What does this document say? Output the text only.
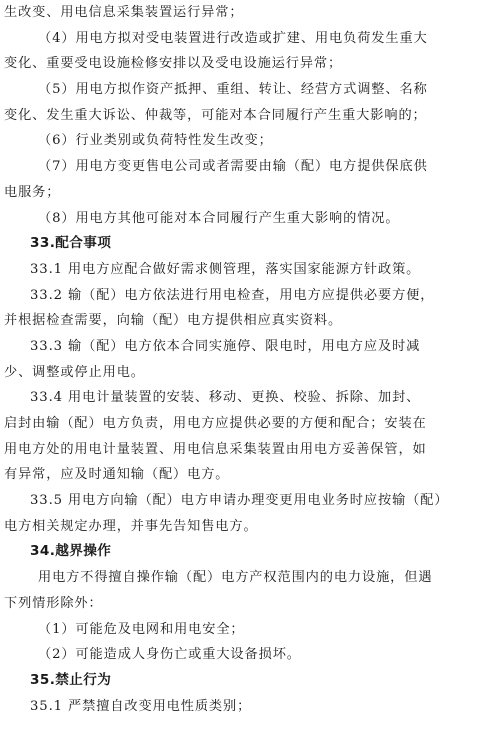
生改变、用电信息采集装置运行异常；
（4）用电方拟对受电装置进行改造或扩建、用电负荷发生重大
变化、重要受电设施检修安排以及受电设施运行异常；
（5）用电方拟作资产抵押、重组、转让、经营方式调整、名称
变化、发生重大诉讼、仲裁等，可能对本合同履行产生重大影响的；
（6）行业类别或负荷特性发生改变；
（7）用电方变更售电公司或者需要由输（配）电方提供保底供
电服务；
（8）用电方其他可能对本合同履行产生重大影响的情况。
33.配合事项
33.1 用电方应配合做好需求侧管理，落实国家能源方针政策。
33.2 输（配）电方依法进行用电检查，用电方应提供必要方便，
并根据检查需要，向输（配）电方提供相应真实资料。
33.3 输（配）电方依本合同实施停、限电时，用电方应及时减
少、调整或停止用电。
33.4 用电计量装置的安装、移动、更换、校验、拆除、加封、
启封由输（配）电方负责，用电方应提供必要的方便和配合；安装在
用电方处的用电计量装置、用电信息采集装置由用电方妥善保管，如
有异常，应及时通知输（配）电方。
33.5 用电方向输（配）电方申请办理变更用电业务时应按输（配）
电方相关规定办理，并事先告知售电方。
34.越界操作
用电方不得擅自操作输（配）电方产权范围内的电力设施，但遇
下列情形除外：
（1）可能危及电网和用电安全；
（2）可能造成人身伤亡或重大设备损坏。
35.禁止行为
35.1 严禁擅自改变用电性质类别；
